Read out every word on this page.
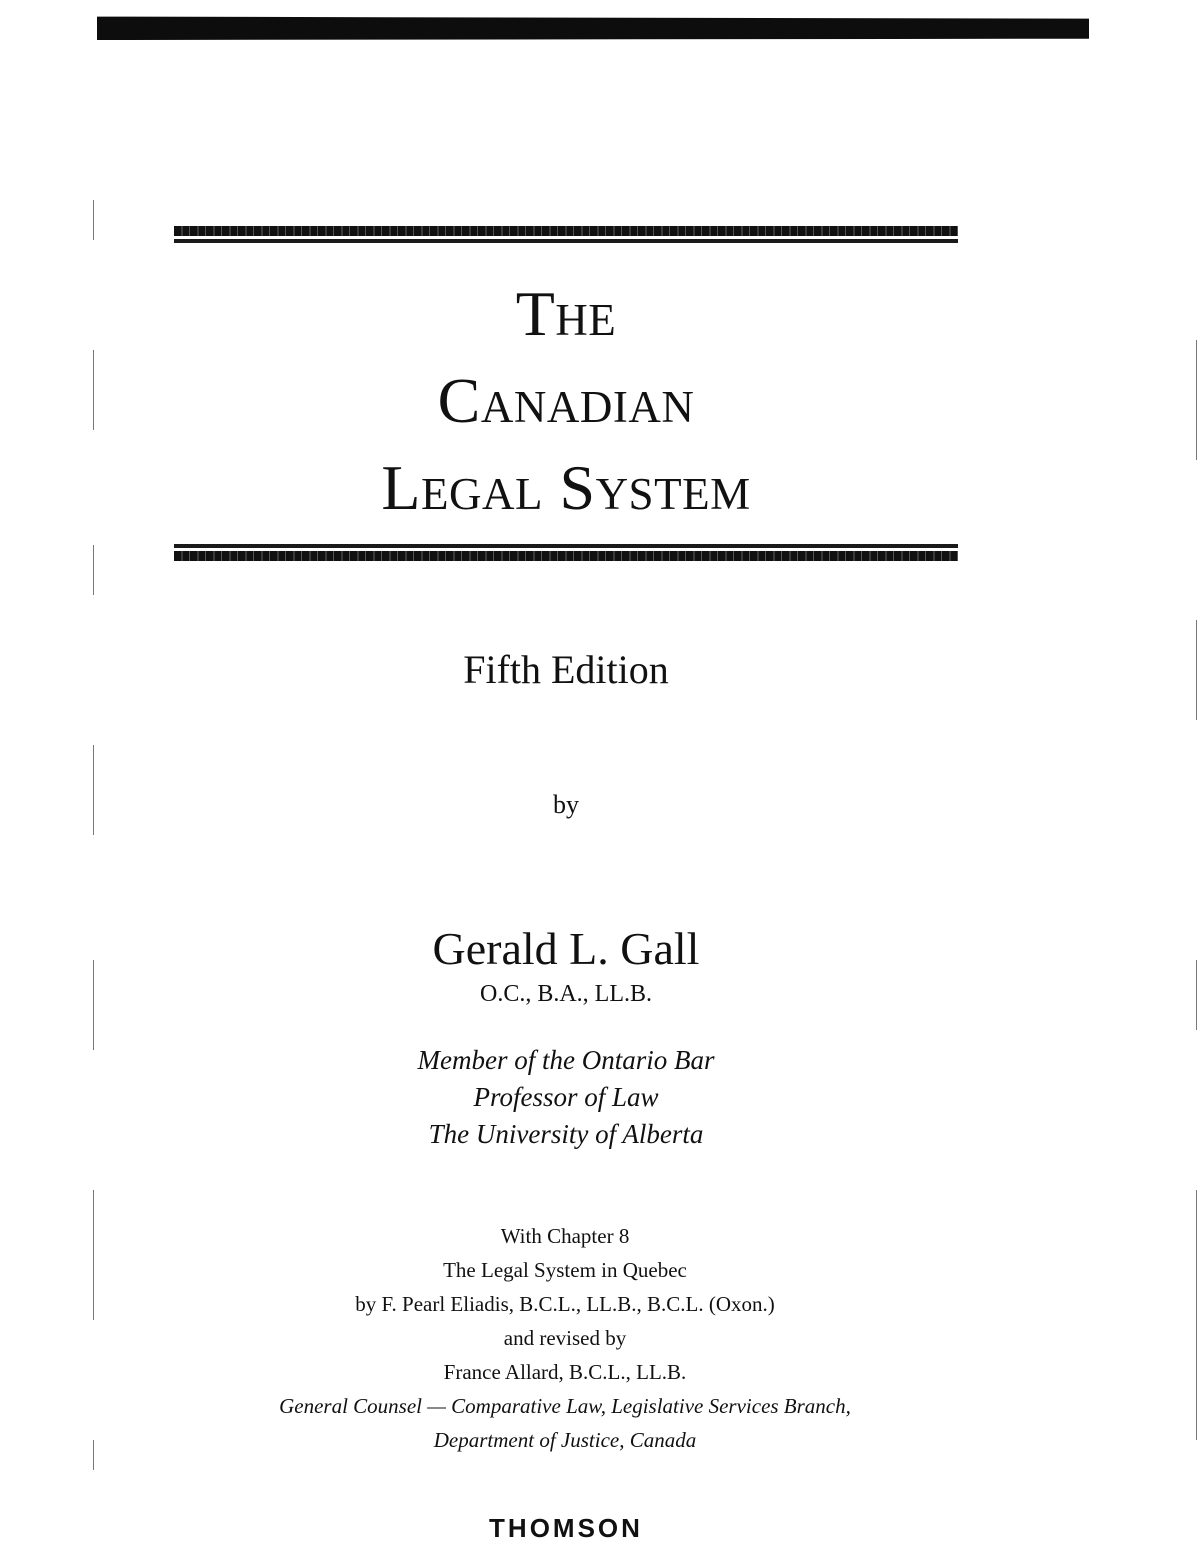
The
Canadian
Legal System
Fifth Edition
by
Gerald L. Gall
O.C., B.A., LL.B.
Member of the Ontario Bar
Professor of Law
The University of Alberta
With Chapter 8
The Legal System in Quebec
by F. Pearl Eliadis, B.C.L., LL.B., B.C.L. (Oxon.)
and revised by
France Allard, B.C.L., LL.B.
General Counsel — Comparative Law, Legislative Services Branch,
Department of Justice, Canada
THOMSON
